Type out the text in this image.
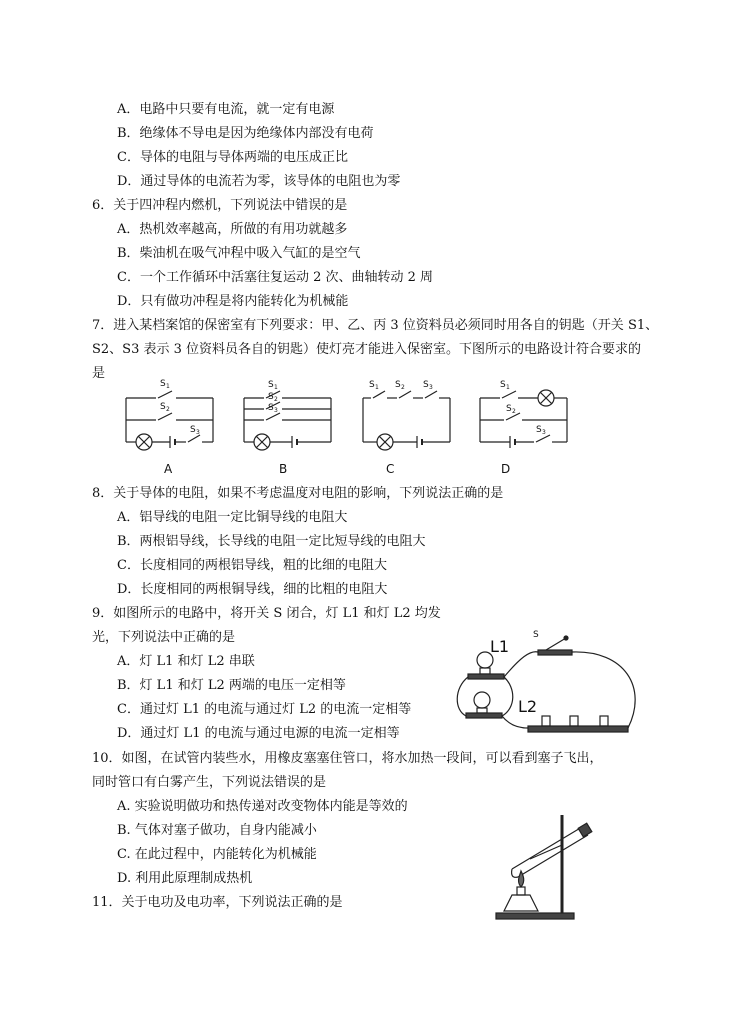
A．电路中只要有电流，就一定有电源
B．绝缘体不导电是因为绝缘体内部没有电荷
C．导体的电阻与导体两端的电压成正比
D．通过导体的电流若为零，该导体的电阻也为零
6．关于四冲程内燃机，下列说法中错误的是
A．热机效率越高，所做的有用功就越多
B．柴油机在吸气冲程中吸入气缸的是空气
C．一个工作循环中活塞往复运动 2 次、曲轴转动 2 周
D．只有做功冲程是将内能转化为机械能
7．进入某档案馆的保密室有下列要求：甲、乙、丙 3 位资料员必须同时用各自的钥匙（开关 S1、
S2、S3 表示 3 位资料员各自的钥匙）使灯亮才能进入保密室。下图所示的电路设计符合要求的
是
S 1
S 2
S 3
S 1
S 2
S 3
S 1 S 2 S 3	S 1
S 2
S 3
A	B	C	D
8．关于导体的电阻，如果不考虑温度对电阻的影响，下列说法正确的是
A．铝导线的电阻一定比铜导线的电阻大
B．两根铝导线，长导线的电阻一定比短导线的电阻大
C．长度相同的两根铝导线，粗的比细的电阻大
D．长度相同的两根铜导线，细的比粗的电阻大
9．如图所示的电路中，将开关 S 闭合，灯 L1 和灯 L2 均发
光，下列说法中正确的是
A．灯 L1 和灯 L2 串联
B．灯 L1 和灯 L2 两端的电压一定相等
C．通过灯 L1 的电流与通过灯 L2 的电流一定相等
D．通过灯 L1 的电流与通过电源的电流一定相等
L1
L2
S
10．如图，在试管内装些水，用橡皮塞塞住管口，将水加热一段间，可以看到塞子飞出，
同时管口有白雾产生，下列说法错误的是
A. 实验说明做功和热传递对改变物体内能是等效的
B. 气体对塞子做功，自身内能减小
C. 在此过程中，内能转化为机械能
D. 利用此原理制成热机
11．关于电功及电功率，下列说法正确的是
